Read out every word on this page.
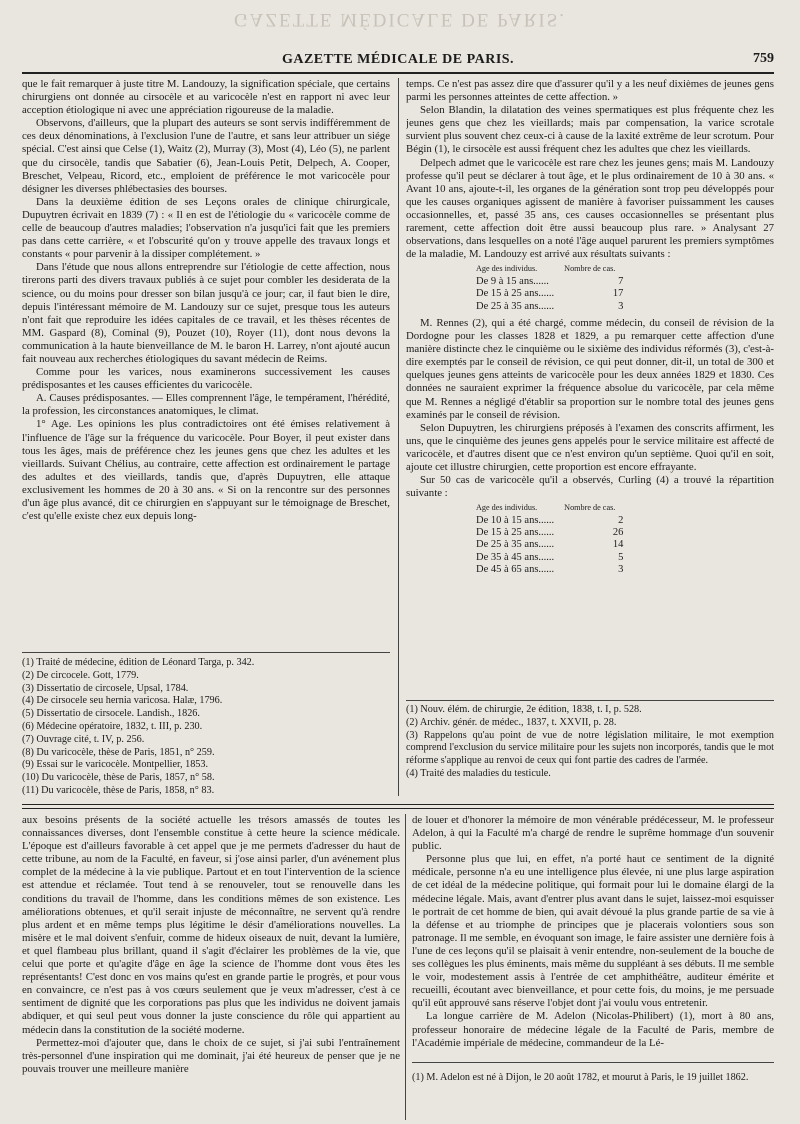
GAZETTE MÉDICALE DE PARIS.
GAZETTE MÉDICALE DE PARIS.	759

que le fait remarquer à juste titre M. Landouzy, la signification spéciale, que certains chirurgiens ont donnée au cirsocèle et au varicocèle n'est en rapport ni avec leur acception étiologique ni avec une appréciation rigoureuse de la maladie.

Observons, d'ailleurs, que la plupart des auteurs se sont servis indifféremment de ces deux dénominations, à l'exclusion l'une de l'autre, et sans leur attribuer un siége spécial. C'est ainsi que Celse (1), Waitz (2), Murray (3), Most (4), Léo (5), ne parlent que du cirsocèle, tandis que Sabatier (6), Jean-Louis Petit, Delpech, A. Cooper, Breschet, Velpeau, Ricord, etc., emploient de préférence le mot varicocèle pour désigner les diverses phlébectasies des bourses.

Dans la deuxième édition de ses Leçons orales de clinique chirurgicale, Dupuytren écrivait en 1839 (7) : « Il en est de l'étiologie du « varicocèle comme de celle de beaucoup d'autres maladies; l'observation n'a jusqu'ici fait que les premiers pas dans cette carrière, « et l'obscurité qu'on y trouve appelle des travaux longs et constants « pour parvenir à la dissiper complétement. »

Dans l'étude que nous allons entreprendre sur l'étiologie de cette affection, nous tirerons parti des divers travaux publiés à ce sujet pour combler les desiderata de la science, ou du moins pour dresser son bilan jusqu'à ce jour; car, il faut bien le dire, depuis l'intéressant mémoire de M. Landouzy sur ce sujet, presque tous les auteurs n'ont fait que reproduire les idées capitales de ce travail, et les thèses récentes de MM. Gaspard (8), Cominal (9), Pouzet (10), Royer (11), dont nous devons la communication à la haute bienveillance de M. le baron H. Larrey, n'ont ajouté aucun fait nouveau aux recherches étiologiques du savant médecin de Reims.

Comme pour les varices, nous examinerons successivement les causes prédisposantes et les causes efficientes du varicocèle.

A. Causes prédisposantes. — Elles comprennent l'âge, le tempérament, l'hérédité, la profession, les circonstances anatomiques, le climat.

1° Age. Les opinions les plus contradictoires ont été émises relativement à l'influence de l'âge sur la fréquence du varicocèle. Pour Boyer, il peut exister dans tous les âges, mais de préférence chez les jeunes gens que chez les adultes et les vieillards. Suivant Chélius, au contraire, cette affection est ordinairement le partage des adultes et des vieillards, tandis que, d'après Dupuytren, elle attaque exclusivement les hommes de 20 à 30 ans. « Si on la rencontre sur des personnes d'un âge plus avancé, dit ce chirurgien en s'appuyant sur le témoignage de Breschet, c'est qu'elle existe chez eux depuis long-

(1) Traité de médecine, édition de Léonard Targa, p. 342.
(2) De circocele. Gott, 1779.
(3) Dissertatio de circosele, Upsal, 1784.
(4) De cirsocele seu hernia varicosa. Halæ, 1796.
(5) Dissertatio de cirsocele. Landish., 1826.
(6) Médecine opératoire, 1832, t. III, p. 230.
(7) Ouvrage cité, t. IV, p. 256.
(8) Du varicocèle, thèse de Paris, 1851, n° 259.
(9) Essai sur le varicocèle. Montpellier, 1853.
(10) Du varicocèle, thèse de Paris, 1857, n° 58.
(11) Du varicocèle, thèse de Paris, 1858, n° 83.

temps. Ce n'est pas assez dire que d'assurer qu'il y a les neuf dixièmes de jeunes gens parmi les personnes atteintes de cette affection. »

Selon Blandin, la dilatation des veines spermatiques est plus fréquente chez les jeunes gens que chez les vieillards; mais par compensation, la varice scrotale survient plus souvent chez ceux-ci à cause de la laxité extrême de leur scrotum. Pour Bégin (1), le cirsocèle est aussi fréquent chez les adultes que chez les vieillards.

Delpech admet que le varicocèle est rare chez les jeunes gens; mais M. Landouzy professe qu'il peut se déclarer à tout âge, et le plus ordinairement de 10 à 30 ans. « Avant 10 ans, ajoute-t-il, les organes de la génération sont trop peu développés pour que les causes organiques agissent de manière à favoriser puissamment les causes occasionnelles, et, passé 35 ans, ces causes occasionnelles se présentant plus rarement, cette affection doit être aussi beaucoup plus rare. » Analysant 27 observations, dans lesquelles on a noté l'âge auquel parurent les premiers symptômes de la maladie, M. Landouzy est arrivé aux résultats suivants :

Age des individus.	Nombre de cas.
De 9 à 15 ans......	7
De 15 à 25 ans......	17
De 25 à 35 ans......	3

M. Rennes (2), qui a été chargé, comme médecin, du conseil de révision de la Dordogne pour les classes 1828 et 1829, a pu remarquer cette affection d'une manière distincte chez le cinquième ou le sixième des individus réformés (3), c'est-à-dire exemptés par le conseil de révision, ce qui peut donner, dit-il, un total de 300 et quelques jeunes gens atteints de varicocèle pour les deux années 1829 et 1830. Ces données ne sauraient exprimer la fréquence absolue du varicocèle, par cela même que M. Rennes a négligé d'établir sa proportion sur le nombre total des jeunes gens examinés par le conseil de révision.

Selon Dupuytren, les chirurgiens préposés à l'examen des conscrits affirment, les uns, que le cinquième des jeunes gens appelés pour le service militaire est affecté de varicocèle, et d'autres disent que ce n'est environ qu'un septième. Quoi qu'il en soit, ajoute cet illustre chirurgien, cette proportion est encore effrayante.

Sur 50 cas de varicocèle qu'il a observés, Curling (4) a trouvé la répartition suivante :

Age des individus.	Nombre de cas.
De 10 à 15 ans......	2
De 15 à 25 ans......	26
De 25 à 35 ans......	14
De 35 à 45 ans......	5
De 45 à 65 ans......	3
(1) Nouv. élém. de chirurgie, 2e édition, 1838, t. I, p. 528.
(2) Archiv. génér. de médec., 1837, t. XXVII, p. 28.
(3) Rappelons qu'au point de vue de notre législation militaire, le mot exemption comprend l'exclusion du service militaire pour les sujets non incorporés, tandis que le mot réforme s'applique au renvoi de ceux qui font partie des cadres de l'armée.
(4) Traité des maladies du testicule.

aux besoins présents de la société actuelle les trésors amassés de toutes les connaissances diverses, dont l'ensemble constitue à cette heure la science médicale. L'époque est d'ailleurs favorable à cet appel que je me permets d'adresser du haut de cette tribune, au nom de la Faculté, en faveur, si j'ose ainsi parler, d'un avénement plus complet de la médecine à la vie publique. Partout et en tout l'intervention de la science est attendue et réclamée. Tout tend à se renouveler, tout se renouvelle dans les conditions du travail de l'homme, dans les conditions mêmes de son existence. Les améliorations obtenues, et qu'il serait injuste de méconnaître, ne servent qu'à rendre plus ardent et en même temps plus légitime le désir d'améliorations nouvelles. La misère et le mal doivent s'enfuir, comme de hideux oiseaux de nuit, devant la lumière, et quel flambeau plus brillant, quand il s'agit d'éclairer les problèmes de la vie, que celui que porte et qu'agite d'âge en âge la science de l'homme dont vous êtes les représentants! C'est donc en vos mains qu'est en grande partie le progrès, et pour vous en convaincre, ce n'est pas à vos cœurs seulement que je veux m'adresser, c'est à ce sentiment de dignité que les corporations pas plus que les individus ne doivent jamais abdiquer, et qui seul peut vous donner la juste conscience du rôle qui appartient au médecin dans la constitution de la société moderne.

Permettez-moi d'ajouter que, dans le choix de ce sujet, si j'ai subi l'entraînement très-personnel d'une inspiration qui me dominait, j'ai été heureux de penser que je ne pouvais trouver une meilleure manière

de louer et d'honorer la mémoire de mon vénérable prédécesseur, M. le professeur Adelon, à qui la Faculté m'a chargé de rendre le suprême hommage d'un souvenir public.

Personne plus que lui, en effet, n'a porté haut ce sentiment de la dignité médicale, personne n'a eu une intelligence plus élevée, ni une plus large aspiration de cet idéal de la médecine politique, qui formait pour lui le domaine élargi de la médecine légale. Mais, avant d'entrer plus avant dans le sujet, laissez-moi esquisser le portrait de cet homme de bien, qui avait dévoué la plus grande partie de sa vie à la défense et au triomphe de principes que je placerais volontiers sous son patronage. Il me semble, en évoquant son image, le faire assister une dernière fois à l'une de ces leçons qu'il se plaisait à venir entendre, non-seulement de la bouche de ses collègues les plus éminents, mais même du suppléant à ses débuts. Il me semble le voir, modestement assis à l'entrée de cet amphithéâtre, auditeur émérite et recueilli, écoutant avec bienveillance, et pour cette fois, du moins, je me persuade qu'il eût approuvé sans réserve l'objet dont j'ai voulu vous entretenir.

La longue carrière de M. Adelon (Nicolas-Philibert) (1), mort à 80 ans, professeur honoraire de médecine légale de la Faculté de Paris, membre de l'Académie impériale de médecine, commandeur de la Lé-

(1) M. Adelon est né à Dijon, le 20 août 1782, et mourut à Paris, le 19 juillet 1862.
